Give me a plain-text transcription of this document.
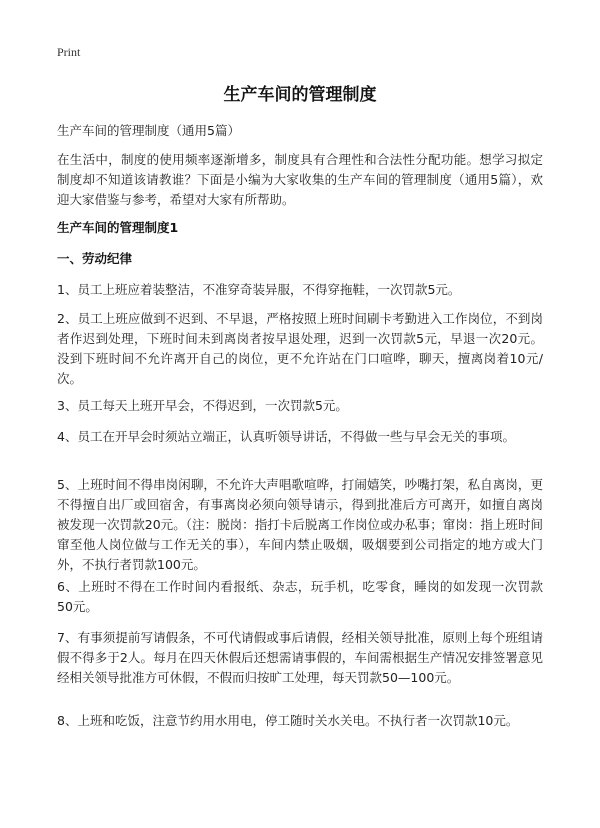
Print
生产车间的管理制度

生产车间的管理制度（通用5篇）

在生活中，制度的使用频率逐渐增多，制度具有合理性和合法性分配功能。想学习拟定制度却不知道该请教谁？下面是小编为大家收集的生产车间的管理制度（通用5篇），欢迎大家借鉴与参考，希望对大家有所帮助。

生产车间的管理制度1

一、劳动纪律

1、员工上班应着装整洁，不准穿奇装异服，不得穿拖鞋，一次罚款5元。

2、员工上班应做到不迟到、不早退，严格按照上班时间刷卡考勤进入工作岗位，不到岗者作迟到处理，下班时间未到离岗者按早退处理，迟到一次罚款5元，早退一次20元。没到下班时间不允许离开自己的岗位，更不允许站在门口喧哗，聊天，擅离岗着10元/次。

3、员工每天上班开早会，不得迟到，一次罚款5元。

4、员工在开早会时须站立端正，认真听领导讲话，不得做一些与早会无关的事项。

5、上班时间不得串岗闲聊，不允许大声唱歌喧哗，打闹嬉笑，吵嘴打架，私自离岗，更不得擅自出厂或回宿舍，有事离岗必须向领导请示，得到批准后方可离开，如擅自离岗被发现一次罚款20元。（注：脱岗：指打卡后脱离工作岗位或办私事；窜岗：指上班时间窜至他人岗位做与工作无关的事），车间内禁止吸烟，吸烟要到公司指定的地方或大门外，不执行者罚款100元。

6、上班时不得在工作时间内看报纸、杂志，玩手机，吃零食，睡岗的如发现一次罚款50元。

7、有事须提前写请假条，不可代请假或事后请假，经相关领导批准，原则上每个班组请假不得多于2人。每月在四天休假后还想需请事假的，车间需根据生产情况安排签署意见经相关领导批准方可休假，不假而归按旷工处理，每天罚款50—100元。

8、上班和吃饭，注意节约用水用电，停工随时关水关电。不执行者一次罚款10元。
